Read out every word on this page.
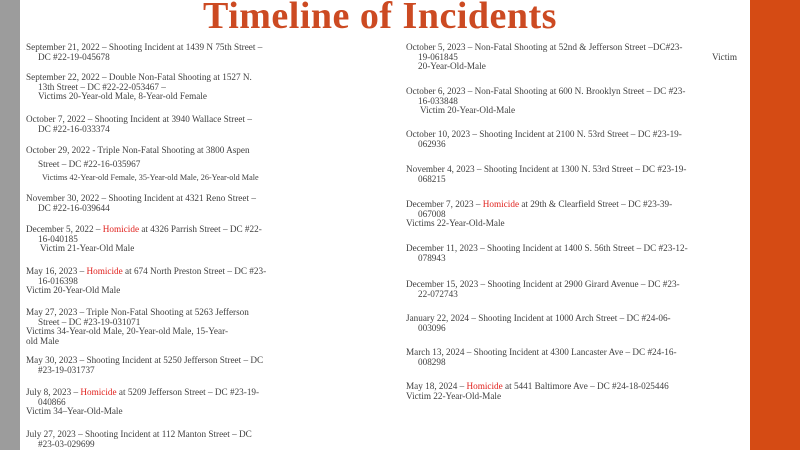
Timeline of Incidents
September 21, 2022 – Shooting Incident at 1439 N 75th Street –
DC #22-19-045678
September 22, 2022 – Double Non-Fatal Shooting at 1527 N.
13th Street – DC #22-22-053467 –
Victims 20-Year-old Male, 8-Year-old Female
October 7, 2022 – Shooting Incident at 3940 Wallace Street –
DC #22-16-033374
October 29, 2022 - Triple Non-Fatal Shooting at 3800 Aspen
Street – DC #22-16-035967
Victims 42-Year-old Female, 35-Year-old Male, 26-Year-old Male
November 30, 2022 – Shooting Incident at 4321 Reno Street –
DC #22-16-039644
December 5, 2022 – Homicide at 4326 Parrish Street – DC #22-
16-040185
Victim 21-Year-Old Male
May 16, 2023 – Homicide at 674 North Preston Street – DC #23-
16-016398
Victim 20-Year-Old Male
May 27, 2023 – Triple Non-Fatal Shooting at 5263 Jefferson
Street – DC #23-19-031071
Victims 34-Year-old Male, 20-Year-old Male, 15-Year-
old Male
May 30, 2023 – Shooting Incident at 5250 Jefferson Street – DC
#23-19-031737
July 8, 2023 – Homicide at 5209 Jefferson Street – DC #23-19-
040866
Victim 34–Year-Old-Male
July 27, 2023 – Shooting Incident at 112 Manton Street – DC
#23-03-029699
October 5, 2023 – Non-Fatal Shooting at 52nd & Jefferson Street –DC#23-
19-061845	Victim
20-Year-Old-Male
October 6, 2023 – Non-Fatal Shooting at 600 N. Brooklyn Street – DC #23-
16-033848
Victim 20-Year-Old-Male
October 10, 2023 – Shooting Incident at 2100 N. 53rd Street – DC #23-19-
062936
November 4, 2023 – Shooting Incident at 1300 N. 53rd Street – DC #23-19-
068215
December 7, 2023 – Homicide at 29th & Clearfield Street – DC #23-39-
067008
Victims 22-Year-Old-Male
December 11, 2023 – Shooting Incident at 1400 S. 56th Street – DC #23-12-
078943
December 15, 2023 – Shooting Incident at 2900 Girard Avenue – DC #23-
22-072743
January 22, 2024 – Shooting Incident at 1000 Arch Street – DC #24-06-
003096
March 13, 2024 – Shooting Incident at 4300 Lancaster Ave – DC #24-16-
008298
May 18, 2024 – Homicide at 5441 Baltimore Ave – DC #24-18-025446
Victim 22-Year-Old-Male
